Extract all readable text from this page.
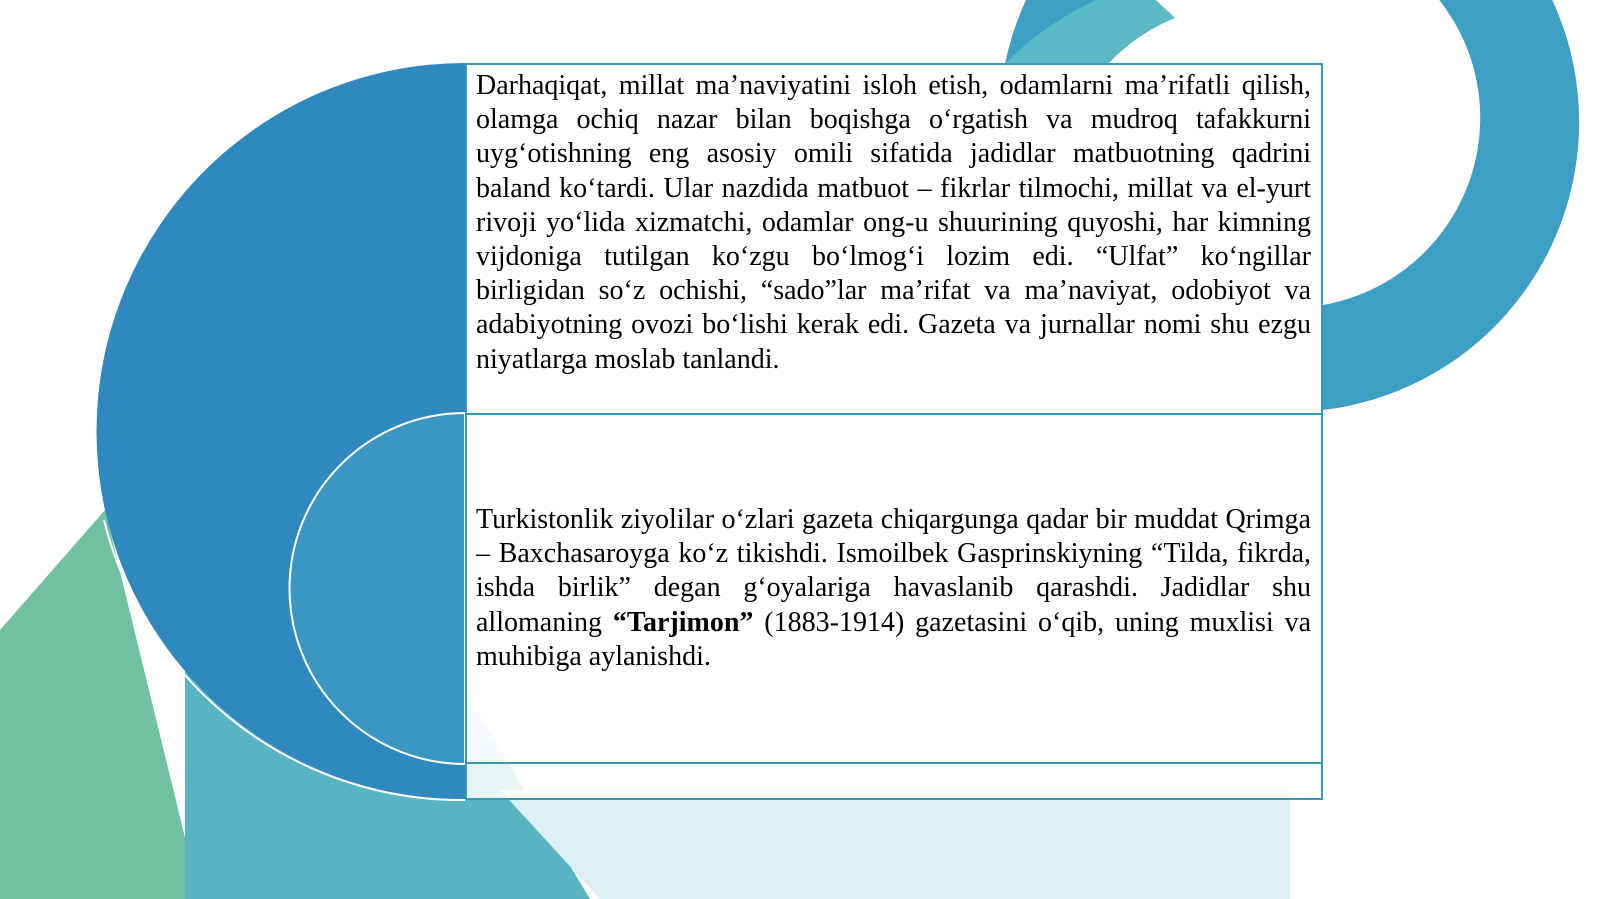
Darhaqiqat, millat ma’naviyatini isloh etish, odamlarni ma’rifatli qilish, olamga ochiq nazar bilan boqishga o‘rgatish va mudroq tafakkurni uyg‘otishning eng asosiy omili sifatida jadidlar matbuotning qadrini baland ko‘tardi. Ular nazdida matbuot – fikrlar tilmochi, millat va el-yurt rivoji yo‘lida xizmatchi, odamlar ong-u shuurining quyoshi, har kimning vijdoniga tutilgan ko‘zgu bo‘lmog‘i lozim edi. “Ulfat” ko‘ngillar birligidan so‘z ochishi, “sado”lar ma’rifat va ma’naviyat, odobiyot va adabiyotning ovozi bo‘lishi kerak edi. Gazeta va jurnallar nomi shu ezgu niyatlarga moslab tanlandi.

Turkistonlik ziyolilar o‘zlari gazeta chiqargunga qadar bir muddat Qrimga – Baxchasaroyga ko‘z tikishdi. Ismoilbek Gasprinskiyning “Tilda, fikrda, ishda birlik” degan g‘oyalariga havaslanib qarashdi. Jadidlar shu allomaning “Tarjimon” (1883-1914) gazetasini o‘qib, uning muxlisi va muhibiga aylanishdi.
